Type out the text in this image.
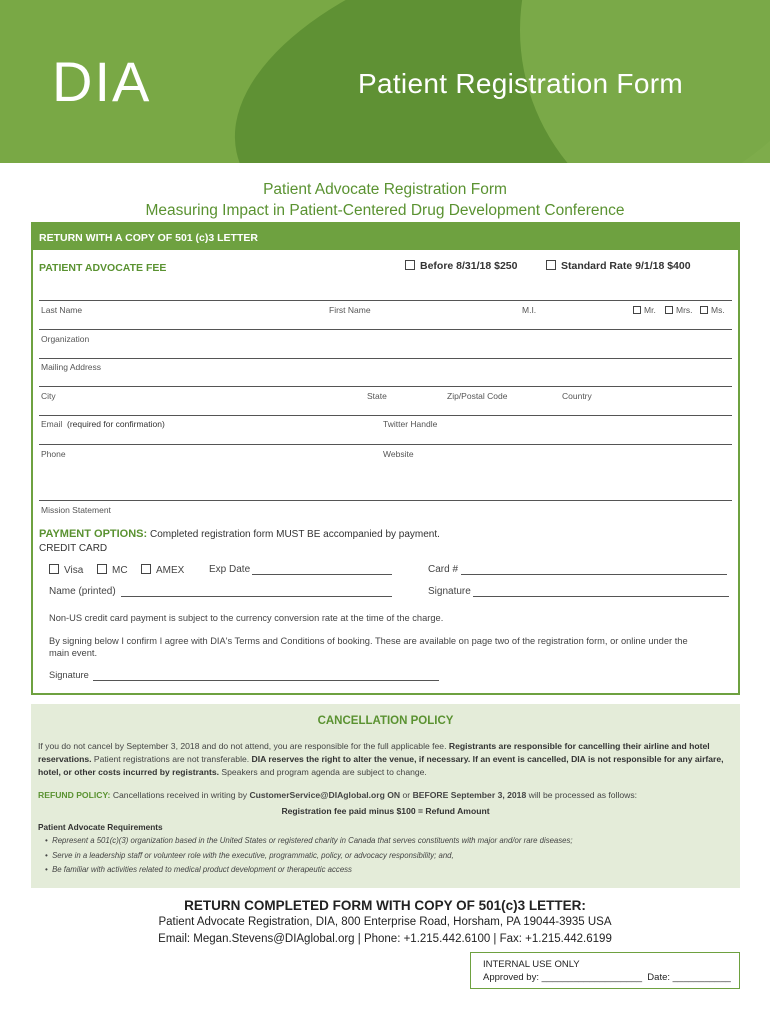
DIA	Patient Registration Form
Patient Advocate Registration Form
Measuring Impact in Patient-Centered Drug Development Conference
RETURN WITH A COPY OF 501 (c)3 LETTER
PATIENT ADVOCATE FEE	Before 8/31/18 $250	Standard Rate 9/1/18 $400
Last Name	First Name	M.I.	Mr.	Mrs.	Ms.
Organization
Mailing Address
City	State	Zip/Postal Code	Country
Email (required for confirmation)	Twitter Handle
Phone	Website
Mission Statement
PAYMENT OPTIONS: Completed registration form MUST BE accompanied by payment.
CREDIT CARD
Visa	MC	AMEX Exp Date	Card #
Name (printed)	Signature
Non-US credit card payment is subject to the currency conversion rate at the time of the charge.
By signing below I confirm I agree with DIA's Terms and Conditions of booking. These are available on page two of the registration form, or online under the
main event.
Signature
CANCELLATION POLICY
If you do not cancel by September 3, 2018 and do not attend, you are responsible for the full applicable fee. Registrants are responsible for cancelling their airline and hotel reservations. Patient registrations are not transferable. DIA reserves the right to alter the venue, if necessary. If an event is cancelled, DIA is not responsible for any airfare, hotel, or other costs incurred by registrants. Speakers and program agenda are subject to change.
REFUND POLICY: Cancellations received in writing by CustomerService@DIAglobal.org ON or BEFORE September 3, 2018 will be processed as follows:
Registration fee paid minus $100 = Refund Amount
Patient Advocate Requirements
•  Represent a 501(c)(3) organization based in the United States or registered charity in Canada that serves constituents with major and/or rare diseases;
•  Serve in a leadership staff or volunteer role with the executive, programmatic, policy, or advocacy responsibility; and,
•  Be familiar with activities related to medical product development or therapeutic access
RETURN COMPLETED FORM WITH COPY OF 501(c)3 LETTER:
Patient Advocate Registration, DIA, 800 Enterprise Road, Horsham, PA 19044-3935 USA
Email: Megan.Stevens@DIAglobal.org | Phone: +1.215.442.6100 | Fax: +1.215.442.6199
INTERNAL USE ONLY
Approved by: ___________________ Date: ___________
